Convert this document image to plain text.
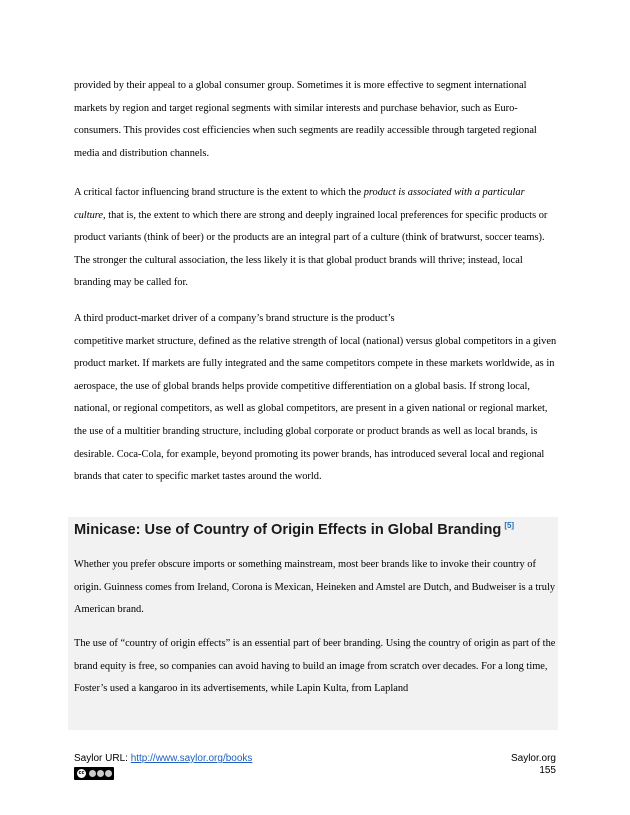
provided by their appeal to a global consumer group. Sometimes it is more effective to segment international markets by region and target regional segments with similar interests and purchase behavior, such as Euro-consumers. This provides cost efficiencies when such segments are readily accessible through targeted regional media and distribution channels.

A critical factor influencing brand structure is the extent to which the product is associated with a particular culture, that is, the extent to which there are strong and deeply ingrained local preferences for specific products or product variants (think of beer) or the products are an integral part of a culture (think of bratwurst, soccer teams). The stronger the cultural association, the less likely it is that global product brands will thrive; instead, local branding may be called for.

A third product-market driver of a company’s brand structure is the product’s
competitive market structure, defined as the relative strength of local (national) versus global competitors in a given product market. If markets are fully integrated and the same competitors compete in these markets worldwide, as in aerospace, the use of global brands helps provide competitive differentiation on a global basis. If strong local, national, or regional competitors, as well as global competitors, are present in a given national or regional market, the use of a multitier branding structure, including global corporate or product brands as well as local brands, is desirable. Coca-Cola, for example, beyond promoting its power brands, has introduced several local and regional brands that cater to specific market tastes around the world.

Minicase: Use of Country of Origin Effects in Global Branding [5]

Whether you prefer obscure imports or something mainstream, most beer brands like to invoke their country of origin. Guinness comes from Ireland, Corona is Mexican, Heineken and Amstel are Dutch, and Budweiser is a truly American brand.

The use of “country of origin effects” is an essential part of beer branding. Using the country of origin as part of the brand equity is free, so companies can avoid having to build an image from scratch over decades. For a long time, Foster’s used a kangaroo in its advertisements, while Lapin Kulta, from Lapland

Saylor URL: http://www.saylor.org/books
cc
Saylor.org
155
